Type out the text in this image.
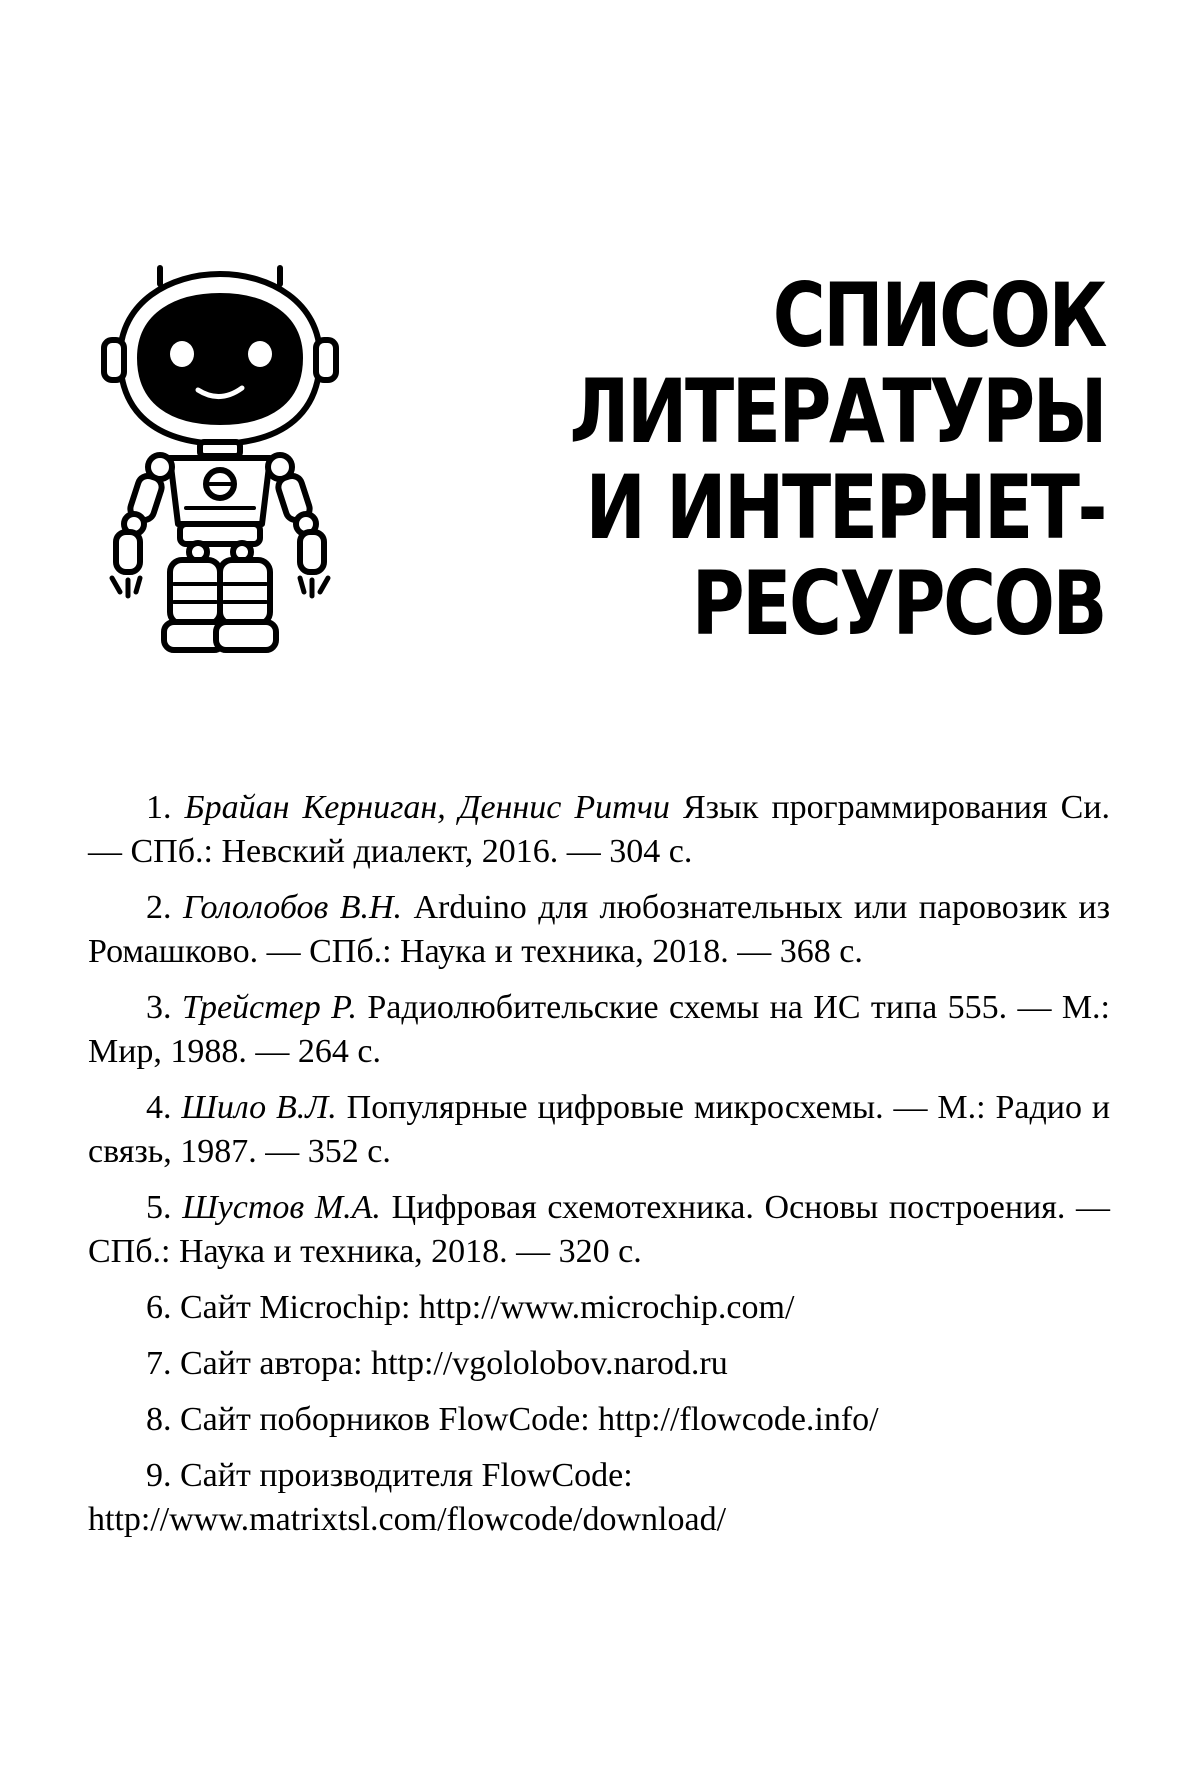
СПИСОК
ЛИТЕРАТУРЫ
И ИНТЕРНЕТ-
РЕСУРСОВ
1. Брайан Керниган, Деннис Ритчи Язык программирования Си. — СПб.: Невский диалект, 2016. — 304 с.
2. Гололобов В.Н. Arduino для любознательных или паровозик из Ромашково. — СПб.: Наука и техника, 2018. — 368 с.
3. Трейстер Р. Радиолюбительские схемы на ИС типа 555. — М.: Мир, 1988. — 264 с.
4. Шило В.Л. Популярные цифровые микросхемы. — М.: Радио и связь, 1987. — 352 с.
5. Шустов М.А. Цифровая схемотехника. Основы построения. — СПб.: Наука и техника, 2018. — 320 с.
6. Сайт Microchip: http://www.microchip.com/
7. Сайт автора: http://vgololobov.narod.ru
8. Сайт поборников FlowCode: http://flowcode.info/
9. Сайт производителя FlowCode: http://www.matrixtsl.com/flowcode/download/
